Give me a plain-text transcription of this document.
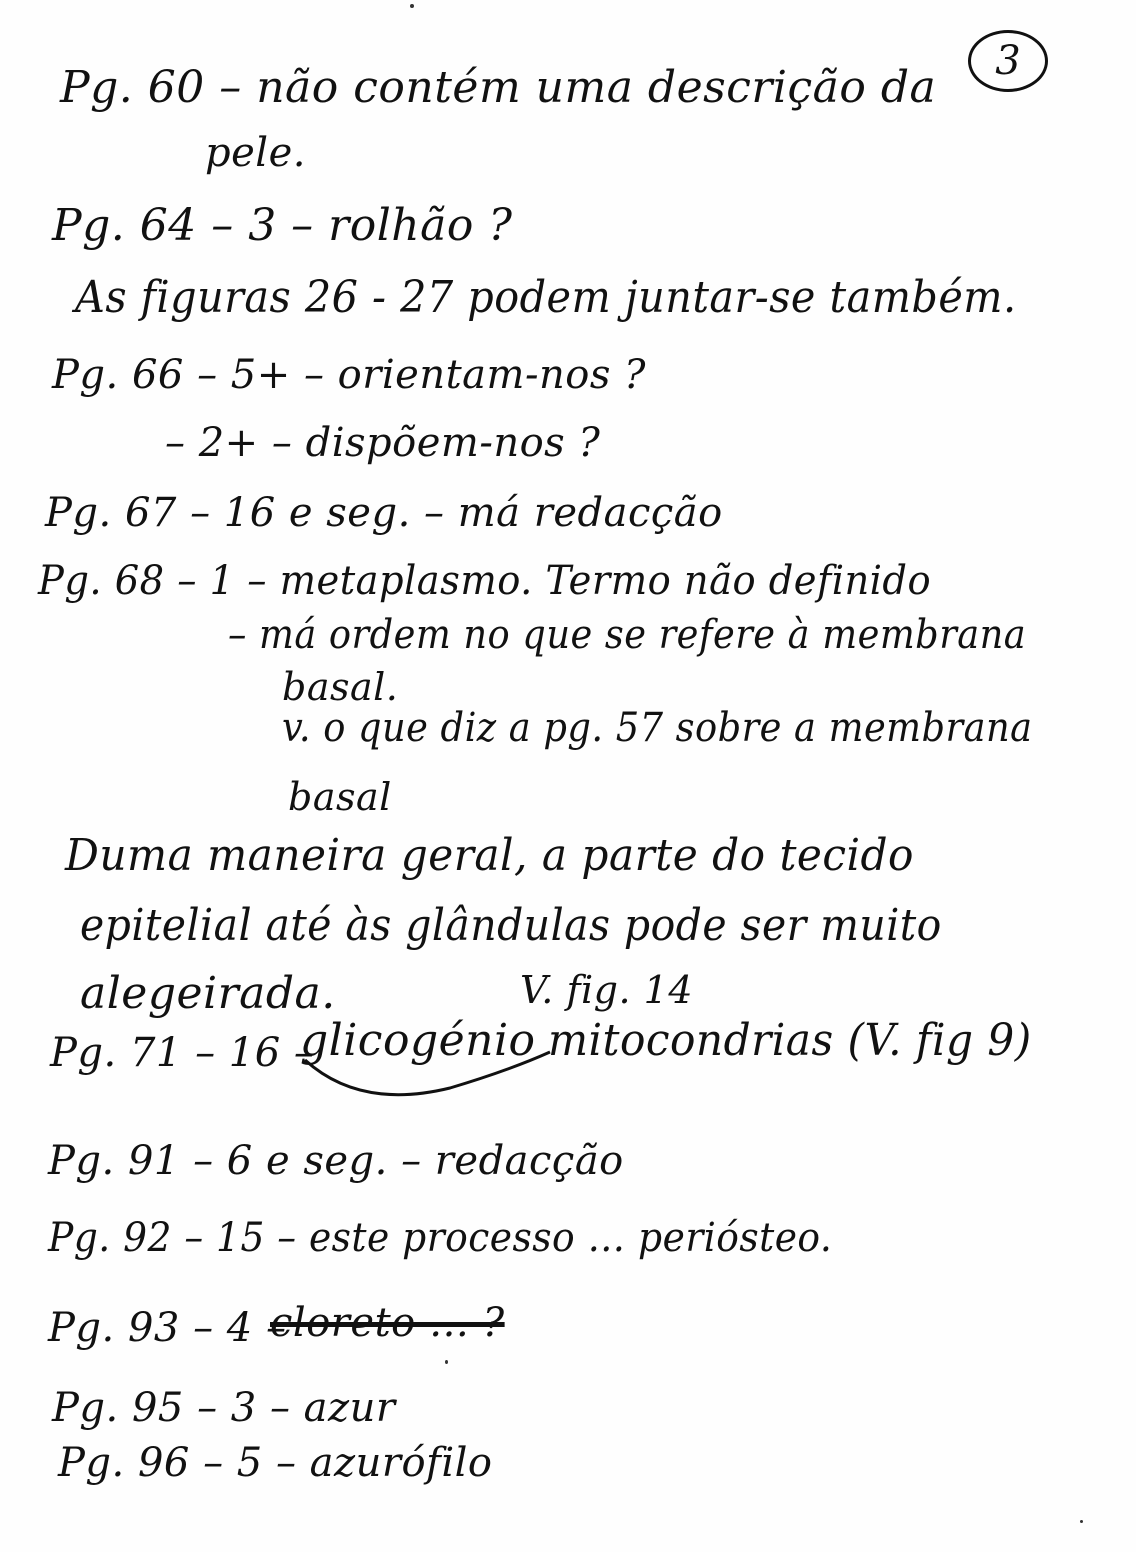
3
Pg. 60 – não contém uma descrição da
pele.
Pg. 64 – 3 – rolhão ?
As figuras 26 - 27 podem juntar-se também.
Pg. 66 – 5+ – orientam-nos ?
– 2+ – dispõem-nos ?
Pg. 67 – 16 e seg. – má redacção
Pg. 68 – 1 – metaplasmo. Termo não definido
– má ordem no que se refere à membrana
basal.
v. o que diz a pg. 57 sobre a membrana
basal
Duma maneira geral, a parte do tecido
epitelial até às glândulas pode ser muito
alegeirada.	V. fig. 14
Pg. 71 – 16 –
glicogénio mitocondrias (V. fig 9)
Pg. 91 – 6 e seg. – redacção
Pg. 92 – 15 – este processo … periósteo.
Pg. 93 – 4 –
cloreto … ?
Pg. 95 – 3 – azur
Pg. 96 – 5 – azurófilo
